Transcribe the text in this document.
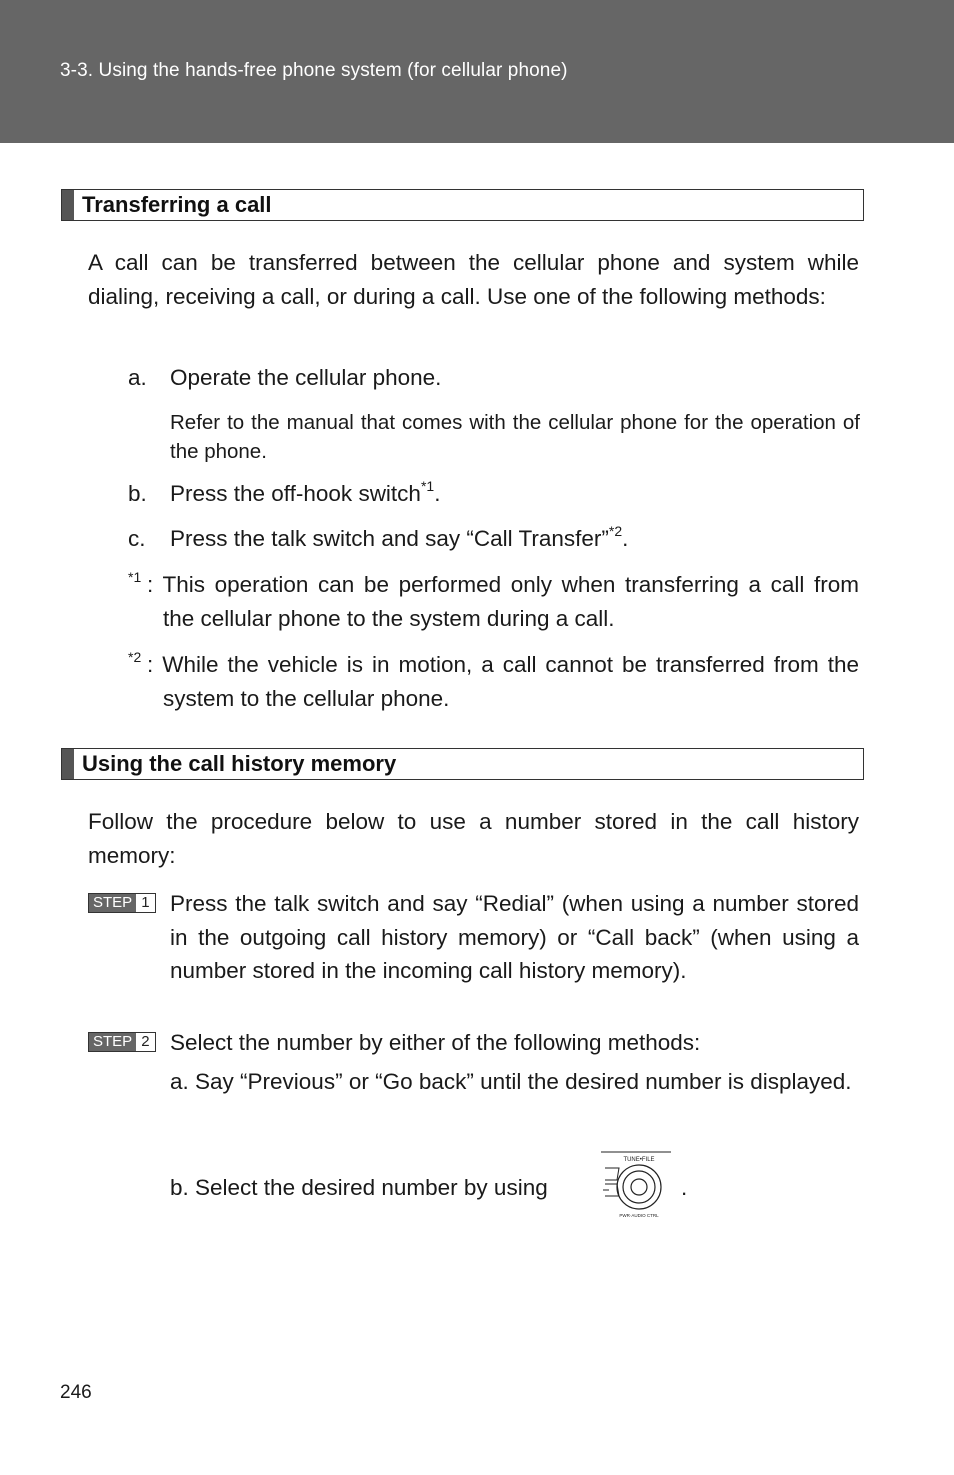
3-3. Using the hands-free phone system (for cellular phone)
Transferring a call
A call can be transferred between the cellular phone and system while dialing, receiving a call, or during a call. Use one of the following methods:
a. Operate the cellular phone.
Refer to the manual that comes with the cellular phone for the operation of the phone.
b. Press the off-hook switch$^{*1}$.
c. Press the talk switch and say “Call Transfer”$^{*2}$.
$^{*1}$ : This operation can be performed only when transferring a call from the cellular phone to the system during a call.
$^{*2}$ : While the vehicle is in motion, a call cannot be transferred from the system to the cellular phone.
Using the call history memory
Follow the procedure below to use a number stored in the call history memory:
STEP 1 Press the talk switch and say “Redial” (when using a number stored in the outgoing call history memory) or “Call back” (when using a number stored in the incoming call history memory).
STEP 2 Select the number by either of the following methods:
a. Say “Previous” or “Go back” until the desired number is displayed.
b. Select the desired number by using
TUNE•FILE
PWR·AUDIO CTRL
.
246
